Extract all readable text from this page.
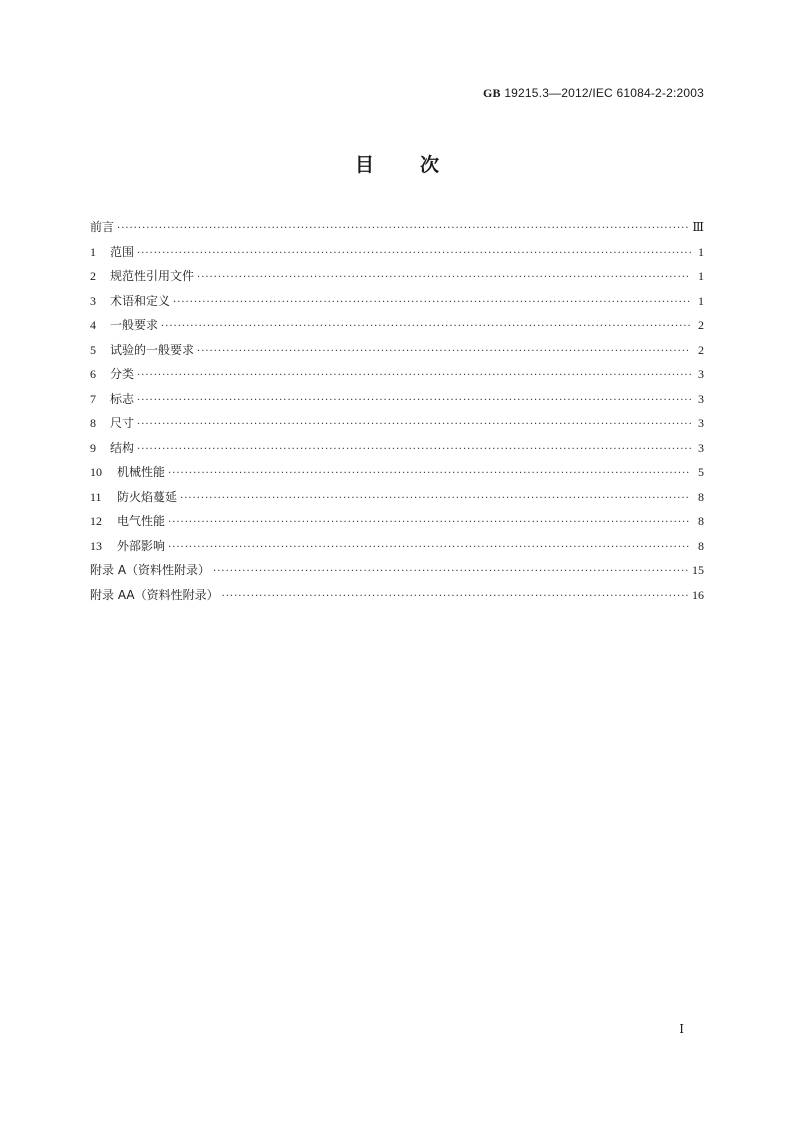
GB 19215.3—2012/IEC 61084-2-2:2003
目 次
前言 ·····	Ⅲ
1	范围 ·····	1
2	规范性引用文件 ·····	1
3	术语和定义 ·····	1
4	一般要求 ·····	2
5	试验的一般要求 ·····	2
6	分类 ·····	3
7	标志 ·····	3
8	尺寸 ·····	3
9	结构 ·····	3
10	机械性能 ·····	5
11	防火焰蔓延 ·····	8
12	电气性能 ·····	8
13	外部影响 ·····	8
附录 A（资料性附录） ·····	15
附录 AA（资料性附录） ·····	16
Ⅰ
